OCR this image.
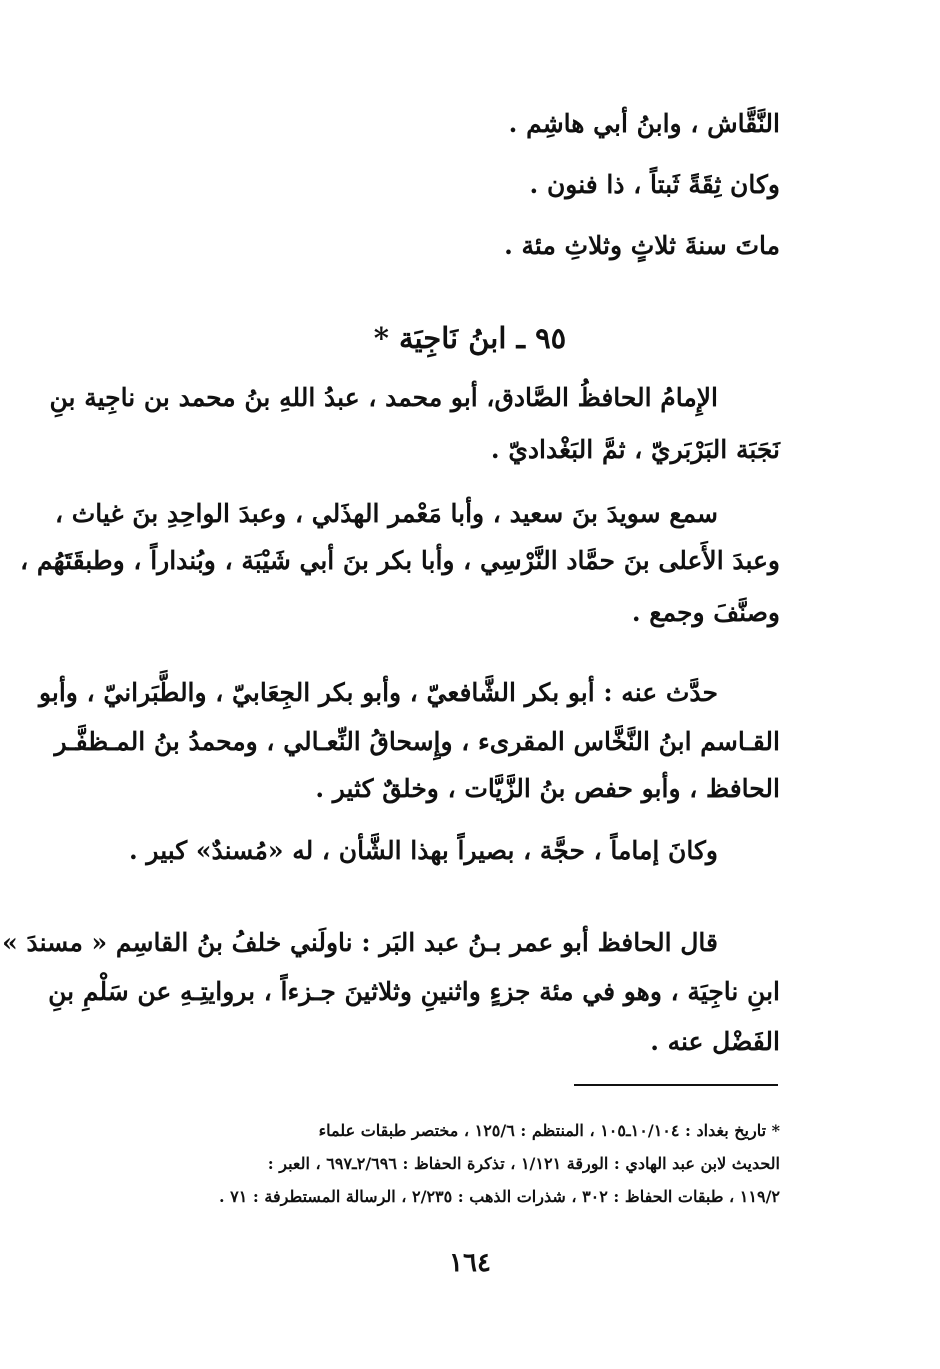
النَّقَّاش ، وابنُ أبي هاشِم .
وكان ثِقَةً ثَبتاً ، ذا فنون .
ماتَ سنةَ ثلاثٍ وثلاثِ مئة .
٩٥ ـ ابنُ نَاجِيَة *
الإِمامُ الحافظُ الصَّادق، أبو محمد ، عبدُ اللهِ بنُ محمد بن ناجِية بنِ
نَجَبَة البَرْبَريّ ، ثمَّ البَغْداديّ .
سمع سويدَ بنَ سعيد ، وأبا مَعْمر الهذَلي ، وعبدَ الواحِدِ بنَ غياث ،
وعبدَ الأَعلى بنَ حمَّاد النَّرْسِي ، وأبا بكر بنَ أبي شَيْبَة ، وبُنداراً ، وطبقَتَهُم ،
وصنَّفَ وجمع .
حدَّث عنه : أبو بكر الشَّافعيّ ، وأبو بكر الجِعَابيّ ، والطَّبَرانيّ ، وأبو
القـاسم ابنُ النَّخَّاس المقرىء ، وإِسحاقُ النِّعـالي ، ومحمدُ بنُ المـظفَّـر
الحافظ ، وأبو حفص بنُ الزَّيَّات ، وخلقٌ كثير .
وكانَ إماماً ، حجَّة ، بصيراً بهذا الشَّأن ، له «مُسندٌ» كبير .
قال الحافظ أبو عمر بـنُ عبد البَر : ناولَني خلفُ بنُ القاسِم « مسندَ »
ابنِ ناجِيَة ، وهو في مئة جزءٍ واثنينِ وثلاثينَ جـزءاً ، بروايتِـهِ عن سَلْمِ بنِ
الفَضْل عنه .
* تاريخ بغداد : ١٠/١٠٤ـ١٠٥ ، المنتظم : ١٢٥/٦ ، مختصر طبقات علماء
الحديث لابن عبد الهادي : الورقة ١/١٢١ ، تذكرة الحفاظ : ٢/٦٩٦ـ٦٩٧ ، العبر :
١١٩/٢ ، طبقات الحفاظ : ٣٠٢ ، شذرات الذهب : ٢/٢٣٥ ، الرسالة المستطرفة : ٧١ .
١٦٤
